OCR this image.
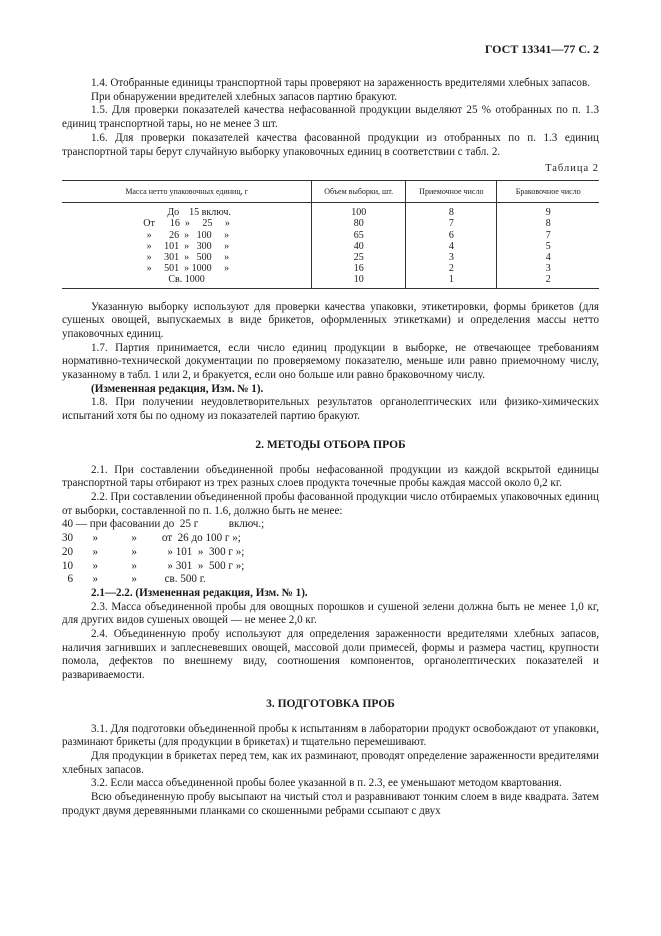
ГОСТ 13341—77 С. 2

1.4. Отобранные единицы транспортной тары проверяют на зараженность вредителями хлебных запасов.

При обнаружении вредителей хлебных запасов партию бракуют.

1.5. Для проверки показателей качества нефасованной продукции выделяют 25 % отобранных по п. 1.3 единиц транспортной тары, но не менее 3 шт.

1.6. Для проверки показателей качества фасованной продукции из отобранных по п. 1.3 единиц транспортной тары берут случайную выборку упаковочных единиц в соответствии с табл. 2.

Таблица 2
Масса нетто упаковочных единиц, г	Объем выборки, шт.	Приемочное число	Браковочное число
До    15 включ.	100	8	9
От      16  »     25     »	80	7	8
»       26  »   100     »	65	6	7
»     101  »   300     »	40	4	5
»     301  »   500     »	25	3	4
»     501  » 1000     »	16	2	3
Св. 1000	10	1	2

Указанную выборку используют для проверки качества упаковки, этикетировки, формы брикетов (для сушеных овощей, выпускаемых в виде брикетов, оформленных этикетками) и определения массы нетто упаковочных единиц.

1.7. Партия принимается, если число единиц продукции в выборке, не отвечающее требованиям нормативно-технической документации по проверяемому показателю, меньше или равно приемочному числу, указанному в табл. 1 или 2, и бракуется, если оно больше или равно браковочному числу.

(Измененная редакция, Изм. № 1).

1.8. При получении неудовлетворительных результатов органолептических или физико-химических испытаний хотя бы по одному из показателей партию бракуют.

2. МЕТОДЫ ОТБОРА ПРОБ

2.1. При составлении объединенной пробы нефасованной продукции из каждой вскрытой единицы транспортной тары отбирают из трех разных слоев продукта точечные пробы каждая массой около 0,2 кг.

2.2. При составлении объединенной пробы фасованной продукции число отбираемых упаковочных единиц от выборки, составленной по п. 1.6, должно быть не менее:

40 — при фасовании до  25 г           включ.;

30       »            »         от  26 до 100 г »;

20       »            »           » 101  »  300 г »;

10       »            »           » 301  »  500 г »;

6       »            »          св. 500 г.

2.1—2.2. (Измененная редакция, Изм. № 1).

2.3. Масса объединенной пробы для овощных порошков и сушеной зелени должна быть не менее 1,0 кг, для других видов сушеных овощей — не менее 2,0 кг.

2.4. Объединенную пробу используют для определения зараженности вредителями хлебных запасов, наличия загнивших и заплесневевших овощей, массовой доли примесей, формы и размера частиц, крупности помола, дефектов по внешнему виду, соотношения компонентов, органолептических показателей и развариваемости.

3. ПОДГОТОВКА ПРОБ

3.1. Для подготовки объединенной пробы к испытаниям в лаборатории продукт освобождают от упаковки, разминают брикеты (для продукции в брикетах) и тщательно перемешивают.

Для продукции в брикетах перед тем, как их разминают, проводят определение зараженности вредителями хлебных запасов.

3.2. Если масса объединенной пробы более указанной в п. 2.3, ее уменьшают методом квартования.

Всю объединенную пробу высыпают на чистый стол и разравнивают тонким слоем в виде квадрата. Затем продукт двумя деревянными планками со скошенными ребрами ссыпают с двух
